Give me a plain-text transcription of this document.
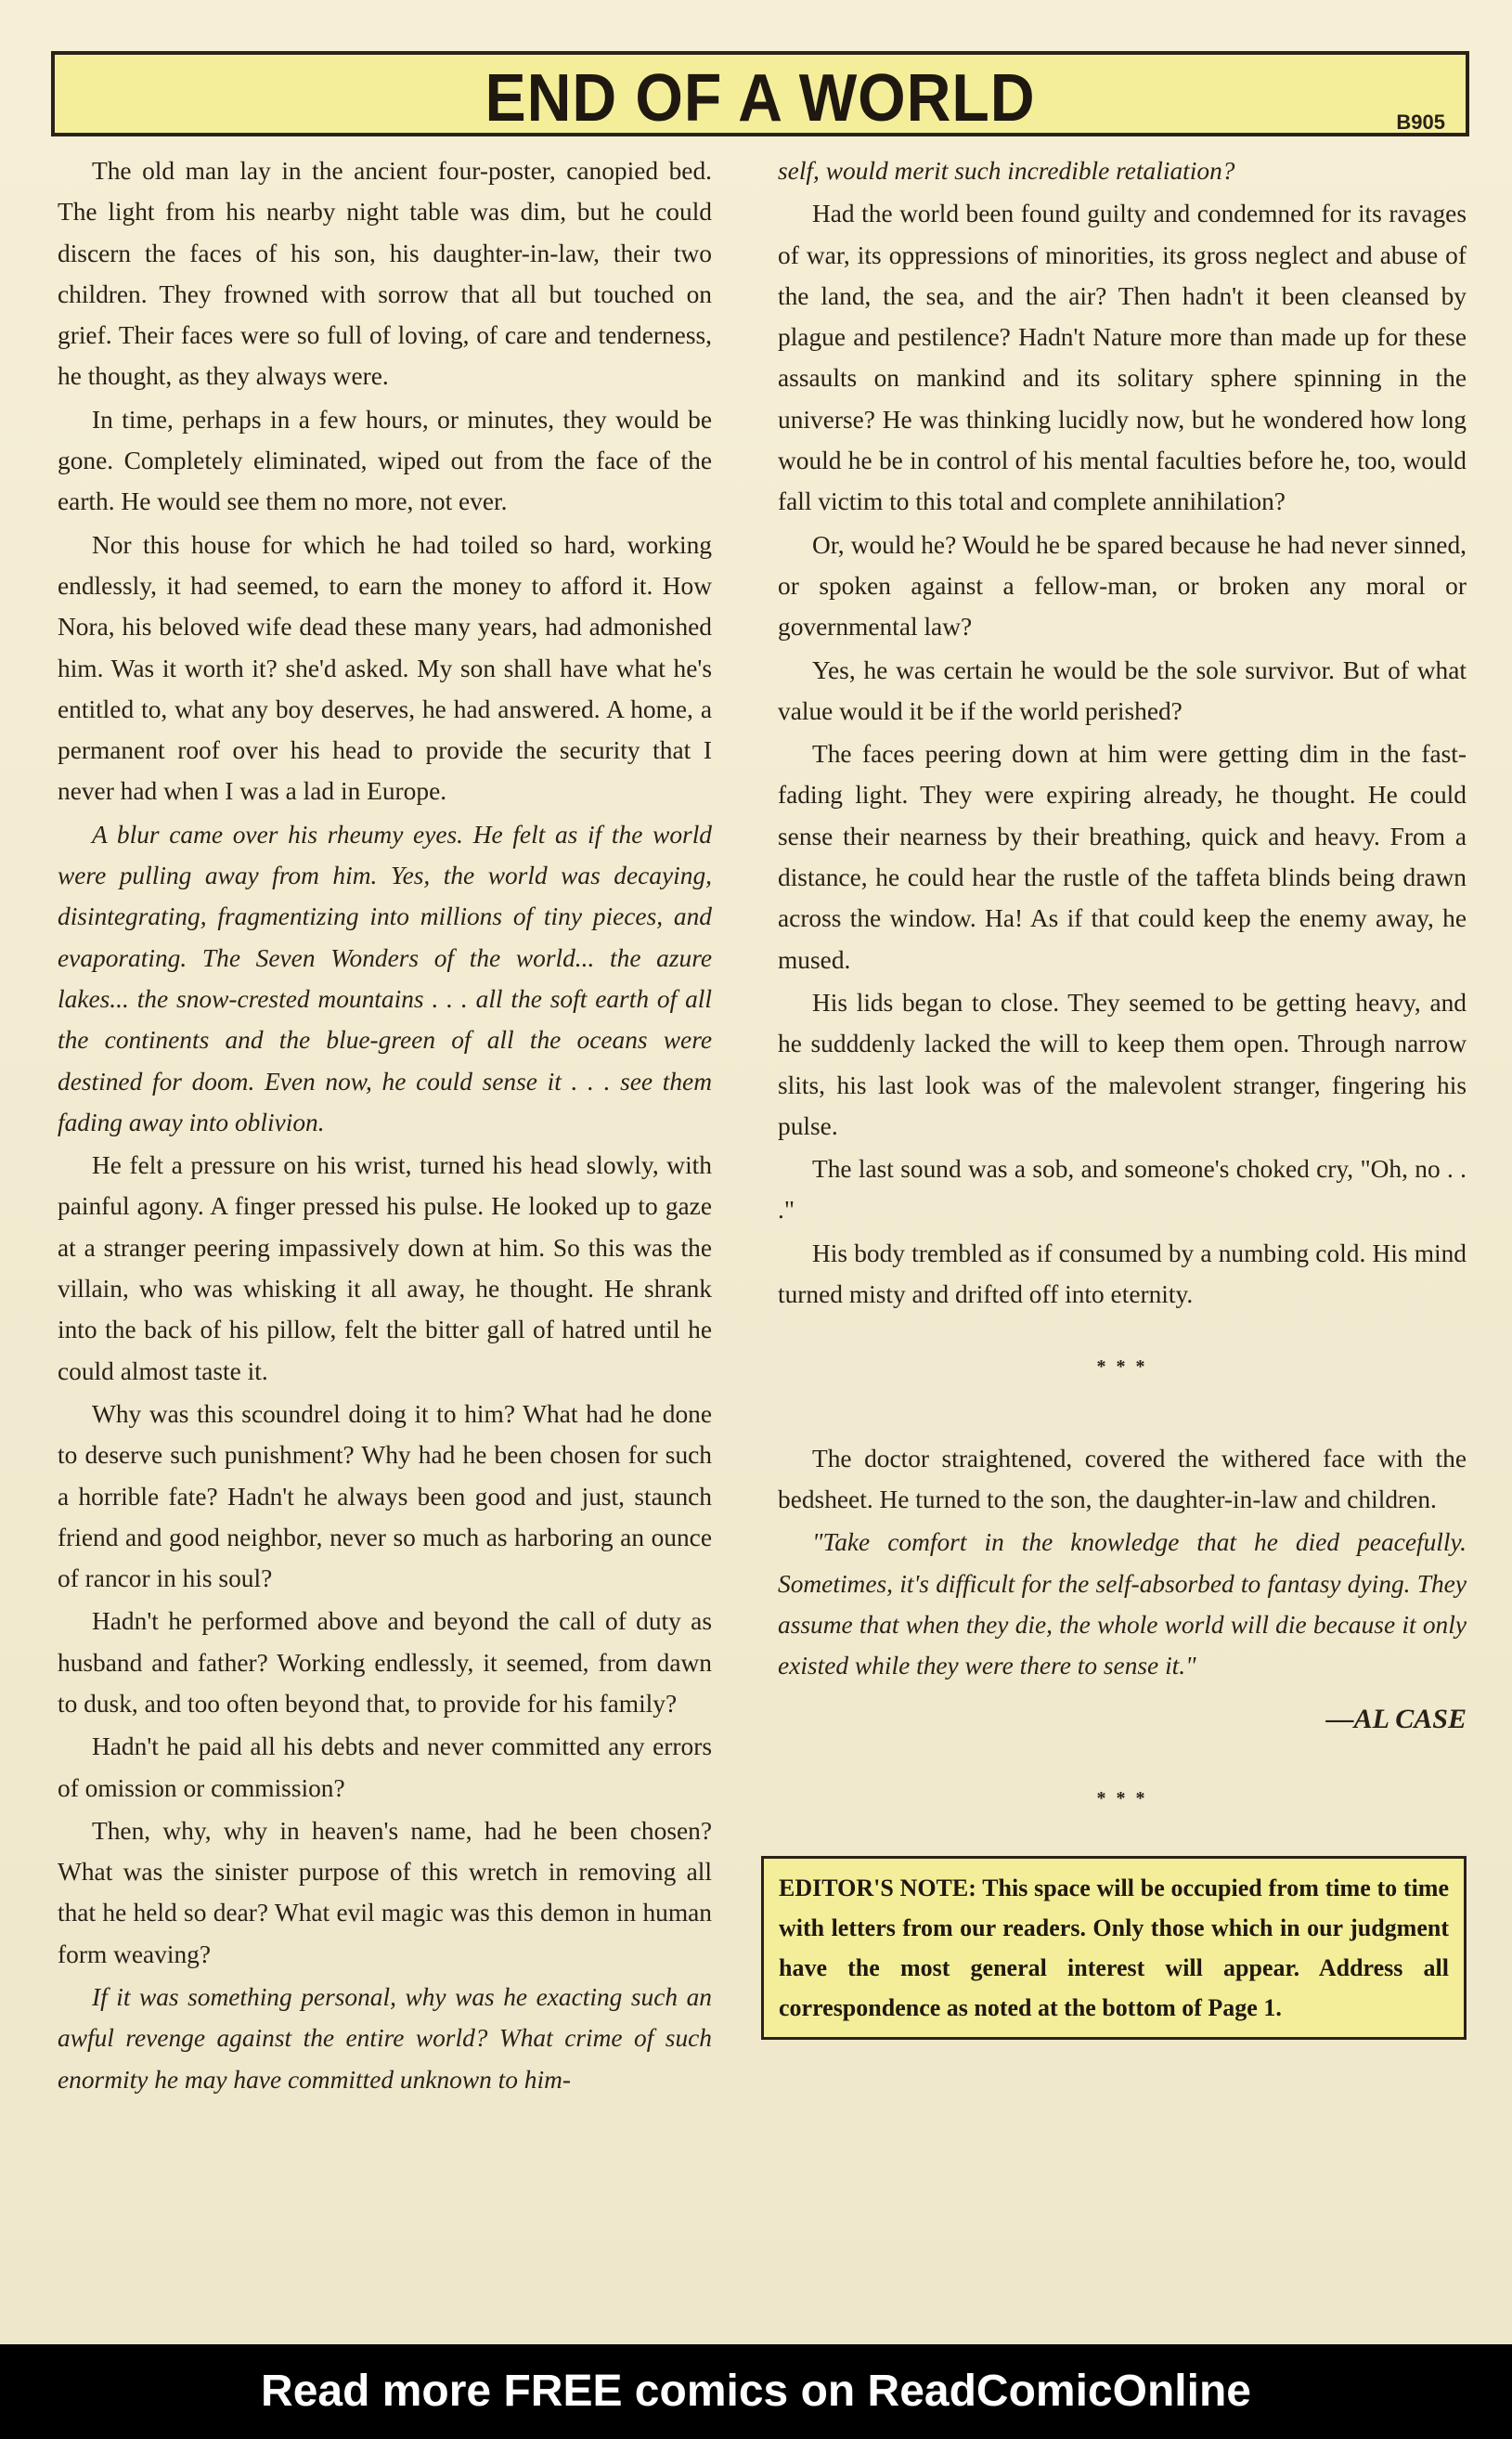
END OF A WORLD	B905

The old man lay in the ancient four-poster, canopied bed. The light from his nearby night table was dim, but he could discern the faces of his son, his daughter-in-law, their two children. They frowned with sorrow that all but touched on grief. Their faces were so full of loving, of care and tenderness, he thought, as they always were.

In time, perhaps in a few hours, or minutes, they would be gone. Completely eliminated, wiped out from the face of the earth. He would see them no more, not ever.

Nor this house for which he had toiled so hard, working endlessly, it had seemed, to earn the money to afford it. How Nora, his beloved wife dead these many years, had admonished him. Was it worth it? she'd asked. My son shall have what he's entitled to, what any boy deserves, he had answered. A home, a permanent roof over his head to provide the security that I never had when I was a lad in Europe.

A blur came over his rheumy eyes. He felt as if the world were pulling away from him. Yes, the world was decaying, disintegrating, fragmentizing into millions of tiny pieces, and evaporating. The Seven Wonders of the world... the azure lakes... the snow-crested mountains . . . all the soft earth of all the continents and the blue-green of all the oceans were destined for doom. Even now, he could sense it . . . see them fading away into oblivion.

He felt a pressure on his wrist, turned his head slowly, with painful agony. A finger pressed his pulse. He looked up to gaze at a stranger peering impassively down at him. So this was the villain, who was whisking it all away, he thought. He shrank into the back of his pillow, felt the bitter gall of hatred until he could almost taste it.

Why was this scoundrel doing it to him? What had he done to deserve such punishment? Why had he been chosen for such a horrible fate? Hadn't he always been good and just, staunch friend and good neighbor, never so much as harboring an ounce of rancor in his soul?

Hadn't he performed above and beyond the call of duty as husband and father? Working endlessly, it seemed, from dawn to dusk, and too often beyond that, to provide for his family?

Hadn't he paid all his debts and never committed any errors of omission or commission?

Then, why, why in heaven's name, had he been chosen? What was the sinister purpose of this wretch in removing all that he held so dear? What evil magic was this demon in human form weaving?

If it was something personal, why was he exacting such an awful revenge against the entire world? What crime of such enormity he may have committed unknown to him-

self, would merit such incredible retaliation?

Had the world been found guilty and condemned for its ravages of war, its oppressions of minorities, its gross neglect and abuse of the land, the sea, and the air? Then hadn't it been cleansed by plague and pestilence? Hadn't Nature more than made up for these assaults on mankind and its solitary sphere spinning in the universe? He was thinking lucidly now, but he wondered how long would he be in control of his mental faculties before he, too, would fall victim to this total and complete annihilation?

Or, would he? Would he be spared because he had never sinned, or spoken against a fellow-man, or broken any moral or governmental law?

Yes, he was certain he would be the sole survivor. But of what value would it be if the world perished?

The faces peering down at him were getting dim in the fast-fading light. They were expiring already, he thought. He could sense their nearness by their breathing, quick and heavy. From a distance, he could hear the rustle of the taffeta blinds being drawn across the window. Ha! As if that could keep the enemy away, he mused.

His lids began to close. They seemed to be getting heavy, and he sudddenly lacked the will to keep them open. Through narrow slits, his last look was of the malevolent stranger, fingering his pulse.

The last sound was a sob, and someone's choked cry, "Oh, no . . ."

His body trembled as if consumed by a numbing cold. His mind turned misty and drifted off into eternity.

* * *

The doctor straightened, covered the withered face with the bedsheet. He turned to the son, the daughter-in-law and children.

"Take comfort in the knowledge that he died peacefully. Sometimes, it's difficult for the self-absorbed to fantasy dying. They assume that when they die, the whole world will die because it only existed while they were there to sense it."

—AL CASE
* * *
EDITOR'S NOTE: This space will be occupied from time to time with letters from our readers. Only those which in our judgment have the most general interest will appear. Address all correspondence as noted at the bottom of Page 1.
Read more FREE comics on ReadComicOnline
